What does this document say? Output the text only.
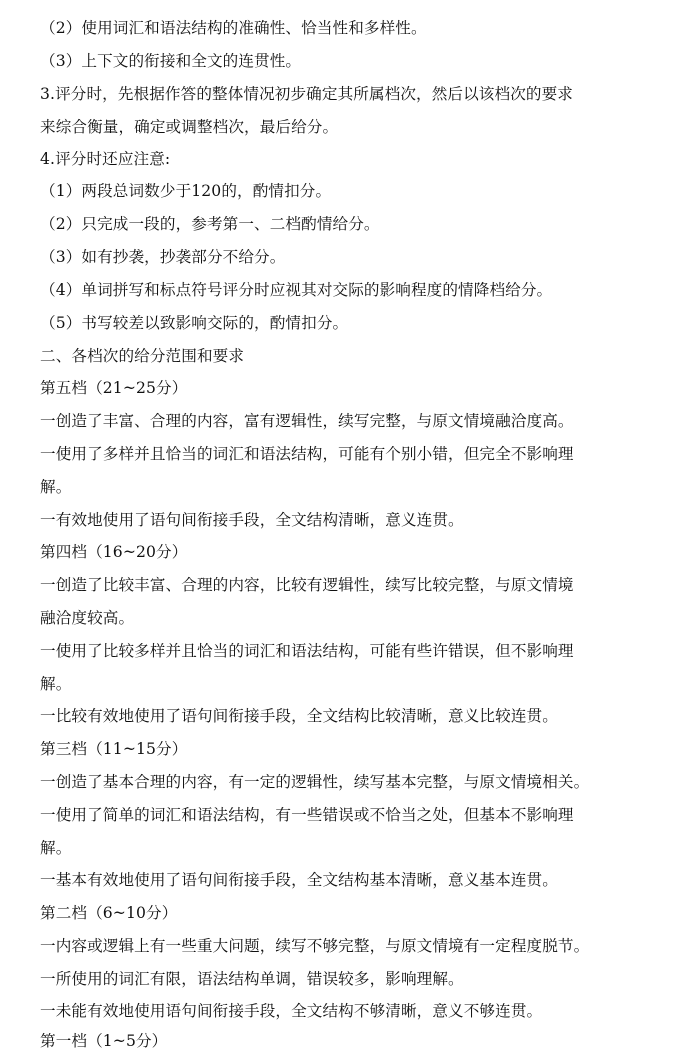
（2）使用词汇和语法结构的准确性、恰当性和多样性。
（3）上下文的衔接和全文的连贯性。
3.评分时，先根据作答的整体情况初步确定其所属档次，然后以该档次的要求
来综合衡量，确定或调整档次，最后给分。
4.评分时还应注意:
（1）两段总词数少于120的，酌情扣分。
（2）只完成一段的，参考第一、二档酌情给分。
（3）如有抄袭，抄袭部分不给分。
（4）单词拼写和标点符号评分时应视其对交际的影响程度的情降档给分。
（5）书写较差以致影响交际的，酌情扣分。
二、各档次的给分范围和要求
第五档（21~25分）
一创造了丰富、合理的内容，富有逻辑性，续写完整，与原文情境融洽度高。
一使用了多样并且恰当的词汇和语法结构，可能有个别小错，但完全不影响理
解。
一有效地使用了语句间衔接手段，全文结构清晰，意义连贯。
第四档（16~20分）
一创造了比较丰富、合理的内容，比较有逻辑性，续写比较完整，与原文情境
融洽度较高。
一使用了比较多样并且恰当的词汇和语法结构，可能有些许错误，但不影响理
解。
一比较有效地使用了语句间衔接手段，全文结构比较清晰，意义比较连贯。
第三档（11~15分）
一创造了基本合理的内容，有一定的逻辑性，续写基本完整，与原文情境相关。
一使用了简单的词汇和语法结构，有一些错误或不恰当之处，但基本不影响理
解。
一基本有效地使用了语句间衔接手段，全文结构基本清晰，意义基本连贯。
第二档（6~10分）
一内容或逻辑上有一些重大问题，续写不够完整，与原文情境有一定程度脱节。
一所使用的词汇有限，语法结构单调，错误较多，影响理解。
一未能有效地使用语句间衔接手段，全文结构不够清晰，意义不够连贯。
第一档（1~5分）
